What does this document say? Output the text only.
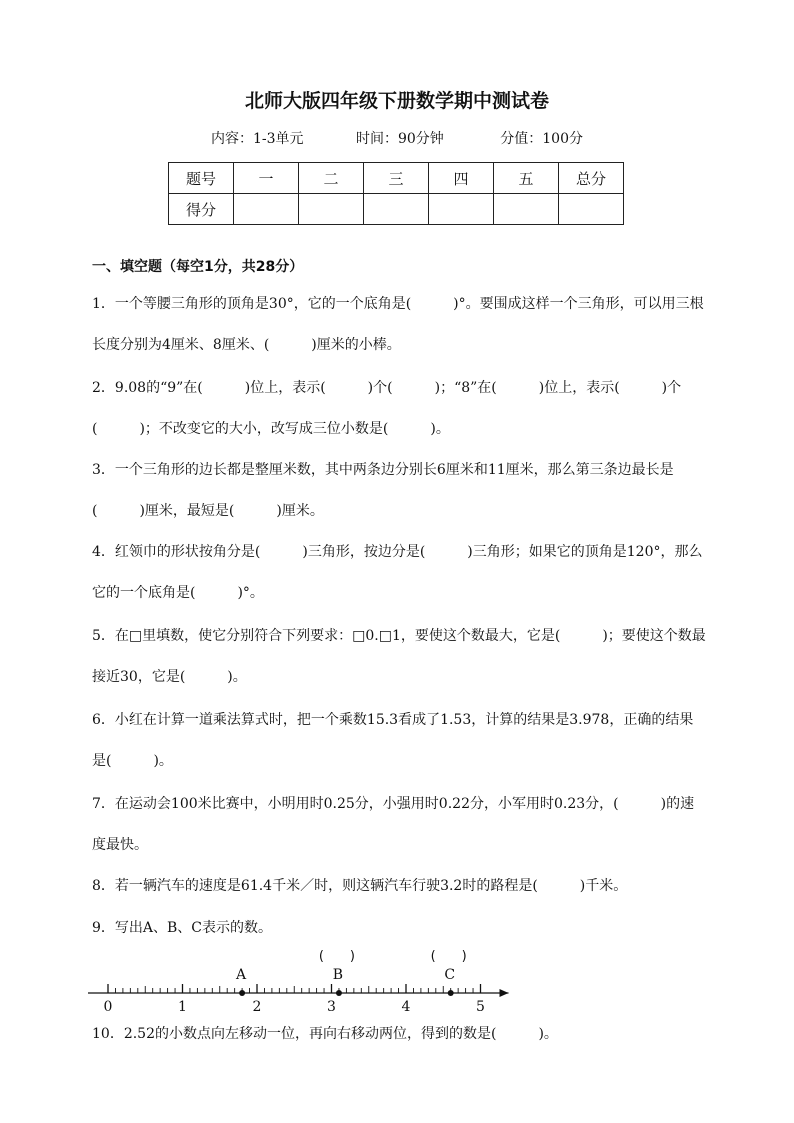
北师大版四年级下册数学期中测试卷
内容：1-3单元	时间：90分钟	分值：100分
题号	一	二	三	四	五	总分
得分						
一、填空题（每空1分，共28分）

1．一个等腰三角形的顶角是30°，它的一个底角是(　　　)°。要围成这样一个三角形，可以用三根长度分别为4厘米、8厘米、(　　　)厘米的小棒。

2．9.08的“9”在(　　　)位上，表示(　　　)个(　　　)；“8”在(　　　)位上，表示(　　　)个(　　　)；不改变它的大小，改写成三位小数是(　　　)。

3．一个三角形的边长都是整厘米数，其中两条边分别长6厘米和11厘米，那么第三条边最长是(　　　)厘米，最短是(　　　)厘米。

4．红领巾的形状按角分是(　　　)三角形，按边分是(　　　)三角形；如果它的顶角是120°，那么它的一个底角是(　　　)°。

5．在□里填数，使它分别符合下列要求：□0.□1，要使这个数最大，它是(　　　)；要使这个数最接近30，它是(　　　)。

6．小红在计算一道乘法算式时，把一个乘数15.3看成了1.53，计算的结果是3.978，正确的结果是(　　　)。

7．在运动会100米比赛中，小明用时0.25分，小强用时0.22分，小军用时0.23分，(　　　)的速度最快。

8．若一辆汽车的速度是61.4千米／时，则这辆汽车行驶3.2时的路程是(　　　)千米。

9．写出A、B、C表示的数。

0	1	2	3	4	5
A	B
(　　)
C
(　　)

10．2.52的小数点向左移动一位，再向右移动两位，得到的数是(　　　)。
